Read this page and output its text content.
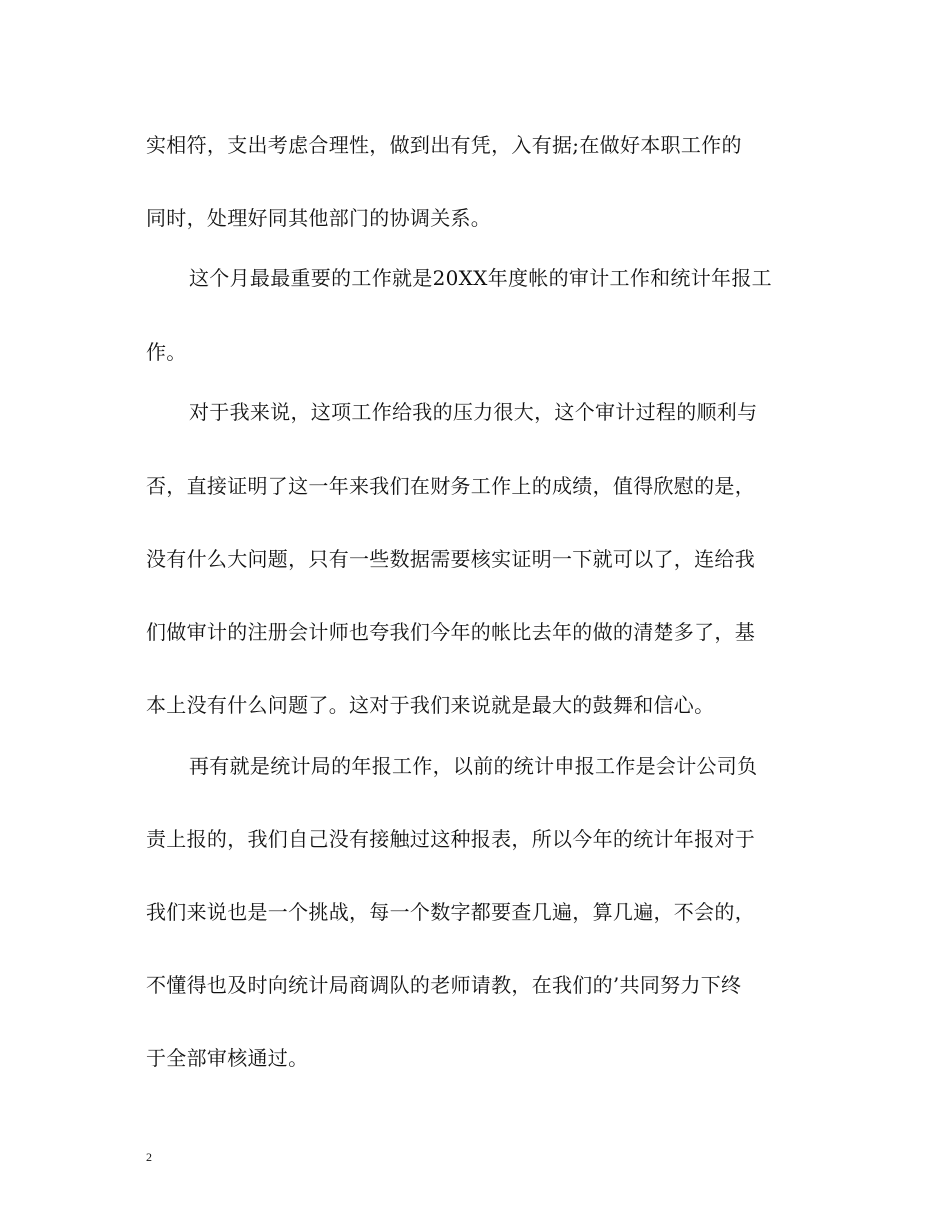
实相符，支出考虑合理性，做到出有凭，入有据;在做好本职工作的
同时，处理好同其他部门的协调关系。
这个月最最重要的工作就是20XX年度帐的审计工作和统计年报工
作。
对于我来说，这项工作给我的压力很大，这个审计过程的顺利与
否，直接证明了这一年来我们在财务工作上的成绩，值得欣慰的是，
没有什么大问题，只有一些数据需要核实证明一下就可以了，连给我
们做审计的注册会计师也夸我们今年的帐比去年的做的清楚多了，基
本上没有什么问题了。这对于我们来说就是最大的鼓舞和信心。
再有就是统计局的年报工作，以前的统计申报工作是会计公司负
责上报的，我们自己没有接触过这种报表，所以今年的统计年报对于
我们来说也是一个挑战，每一个数字都要查几遍，算几遍，不会的，
不懂得也及时向统计局商调队的老师请教，在我们的’共同努力下终
于全部审核通过。
2
